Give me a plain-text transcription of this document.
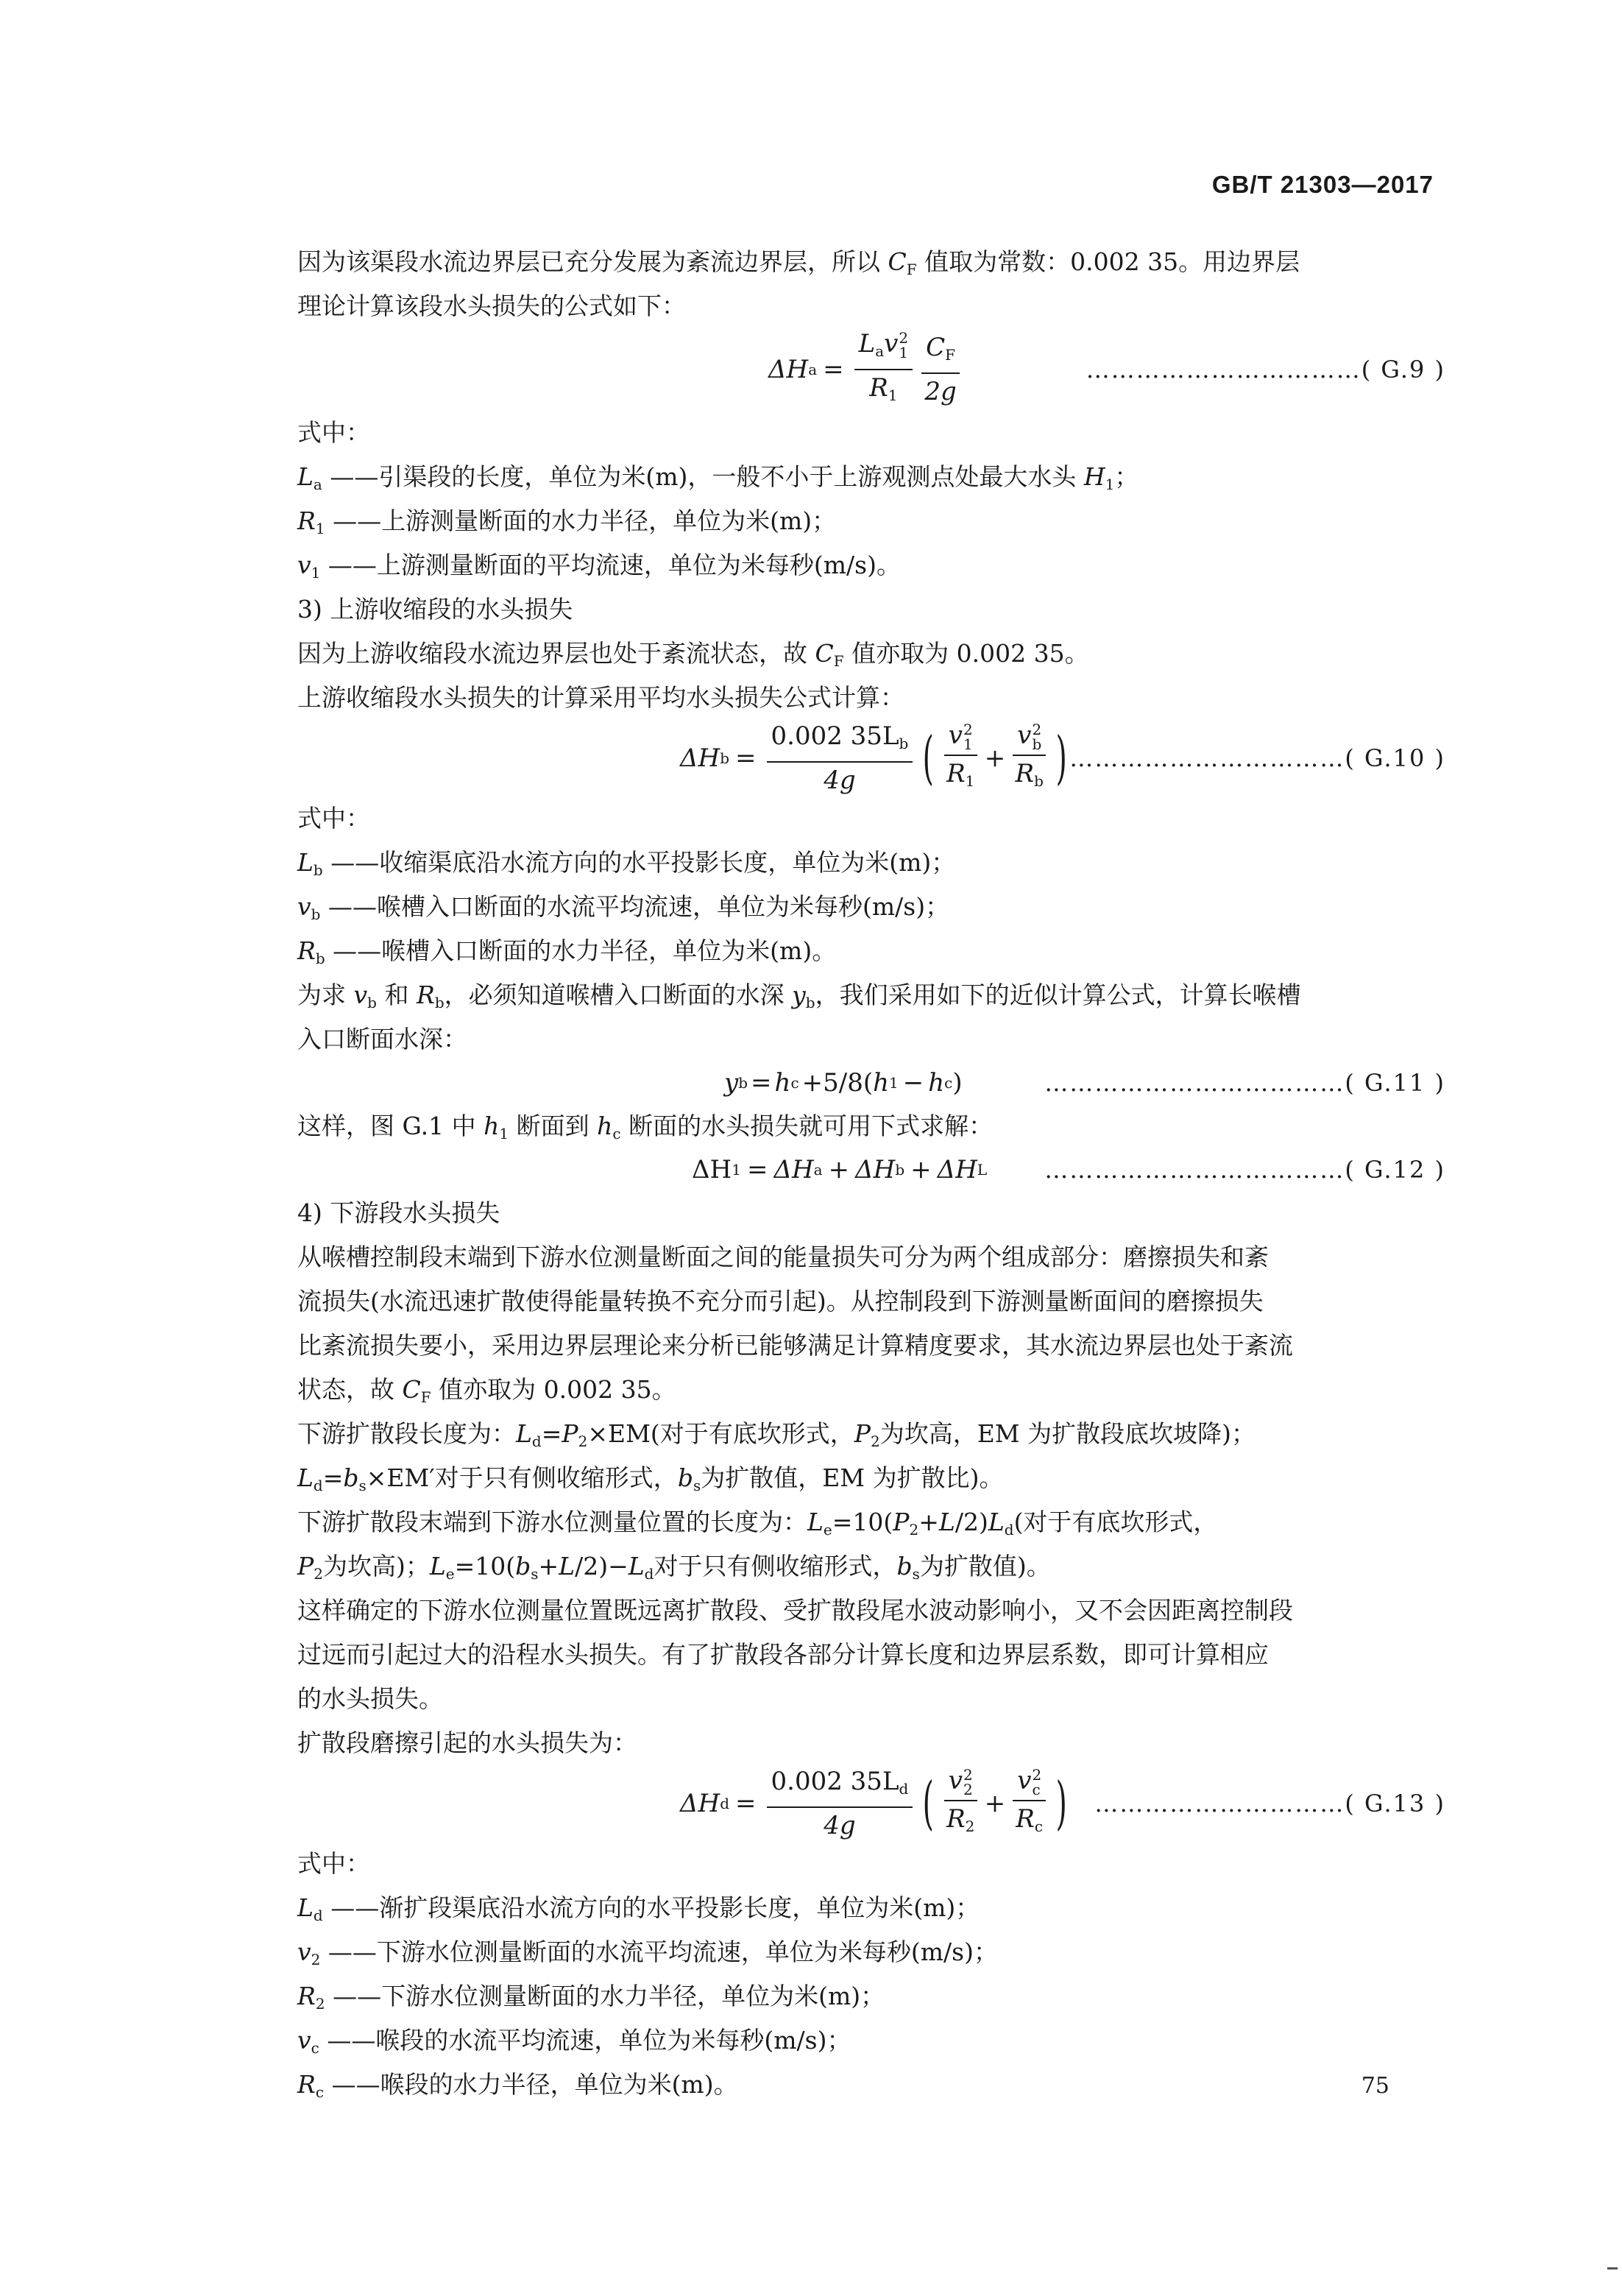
GB/T 21303—2017
因为该渠段水流边界层已充分发展为紊流边界层，所以 $C_F$ 值取为常数：0.002 35。用边界层
理论计算该段水头损失的公式如下：
ΔH $a = L_av$ 2
1
$R_1 \frac{C_F}{2g}$	…………………………… ( G.9 )
式中：
$L_a$ ——引渠段的长度，单位为米(m)，一般不小于上游观测点处最大水头 $H_1$；
$R_1$ ——上游测量断面的水力半径，单位为米(m)；
$v_1$ ——上游测量断面的平均流速，单位为米每秒(m/s)。
3) 上游收缩段的水头损失
因为上游收缩段水流边界层也处于紊流状态，故 $C_F$ 值亦取为 0.002 35。
上游收缩段水头损失的计算采用平均水头损失公式计算：
ΔH $b = \frac{0.002 35L_b}{4g}$ ( v 2
1
$R_1 + v$ 2
b
$R_b$ ) …………………………… ( G.10 )
式中：
$L_b$ ——收缩渠底沿水流方向的水平投影长度，单位为米(m)；
$v_b$ ——喉槽入口断面的水流平均流速，单位为米每秒(m/s)；
$R_b$ ——喉槽入口断面的水力半径，单位为米(m)。
为求 $v_b$ 和 $R_b$，必须知道喉槽入口断面的水深 $y_b$，我们采用如下的近似计算公式，计算长喉槽
入口断面水深：
y b = h c +5/8( h 1 − h c )	……………………………… ( G.11 )
这样，图 G.1 中 $h_1$ 断面到 $h_c$ 断面的水头损失就可用下式求解：
ΔH 1 = ΔH a + ΔH b + ΔH L ……………………………… ( G.12 )
4) 下游段水头损失
从喉槽控制段末端到下游水位测量断面之间的能量损失可分为两个组成部分：磨擦损失和紊
流损失(水流迅速扩散使得能量转换不充分而引起)。从控制段到下游测量断面间的磨擦损失
比紊流损失要小，采用边界层理论来分析已能够满足计算精度要求，其水流边界层也处于紊流
状态，故 $C_F$ 值亦取为 0.002 35。
下游扩散段长度为：$L_d=P_2\times EM$(对于有底坎形式，$P_2$为坎高，EM 为扩散段底坎坡降)；
$L_d=b_s\times EM'$对于只有侧收缩形式，$b_s$为扩散值，EM 为扩散比)。
下游扩散段末端到下游水位测量位置的长度为：$L_e=10(P_2+L/2)L_d$(对于有底坎形式，
$P_2$为坎高)；$L_e=10(b_s+L/2)-L_d$对于只有侧收缩形式，$b_s$为扩散值)。
这样确定的下游水位测量位置既远离扩散段、受扩散段尾水波动影响小，又不会因距离控制段
过远而引起过大的沿程水头损失。有了扩散段各部分计算长度和边界层系数，即可计算相应
的水头损失。
扩散段磨擦引起的水头损失为：
ΔH $d = \frac{0.002 35L_d}{4g}$ ( v 2
2
$R_2 + v$ 2
c
$R_c$ ) ………………………… ( G.13 )
式中：
$L_d$ ——渐扩段渠底沿水流方向的水平投影长度，单位为米(m)；
$v_2$ ——下游水位测量断面的水流平均流速，单位为米每秒(m/s)；
$R_2$ ——下游水位测量断面的水力半径，单位为米(m)；
$v_c$ ——喉段的水流平均流速，单位为米每秒(m/s)；
$R_c$ ——喉段的水力半径，单位为米(m)。	75
